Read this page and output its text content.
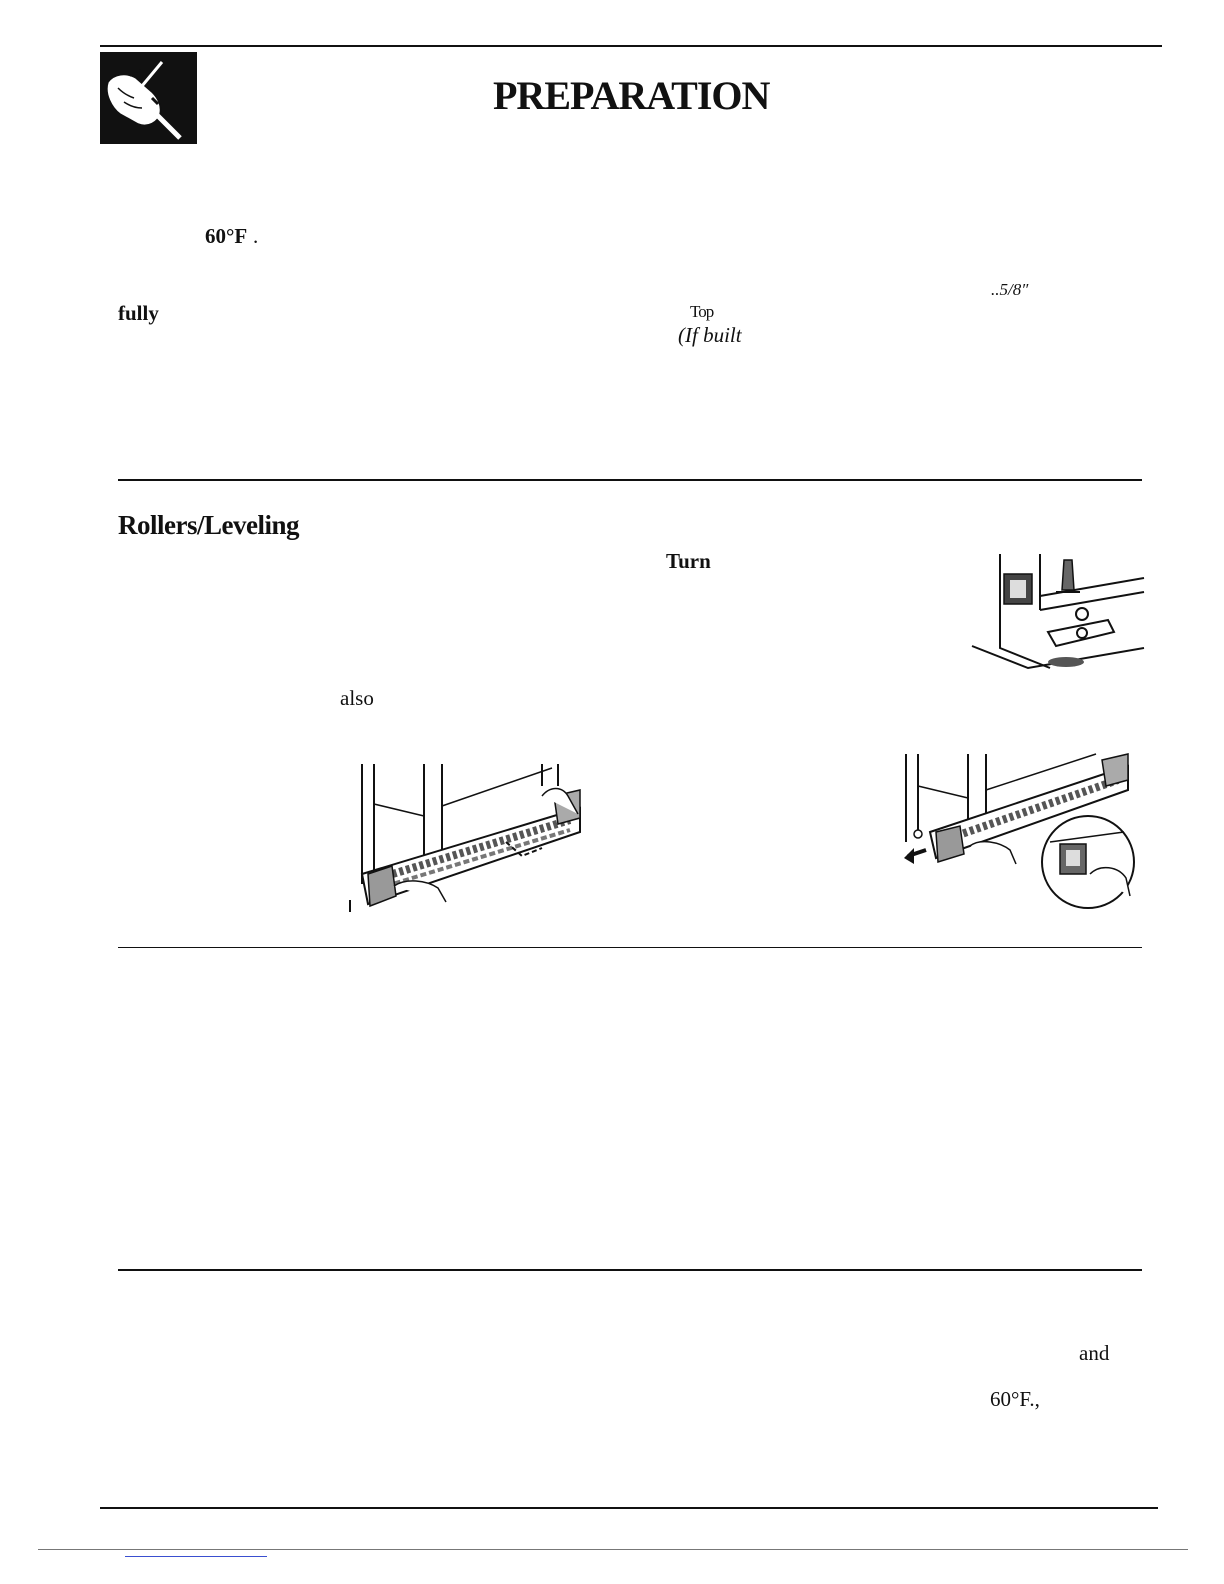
PREPARATION
60°F .
fully
..5/8″
Top
(If built
Rollers/Leveling
Turn
also
and
60°F.,
